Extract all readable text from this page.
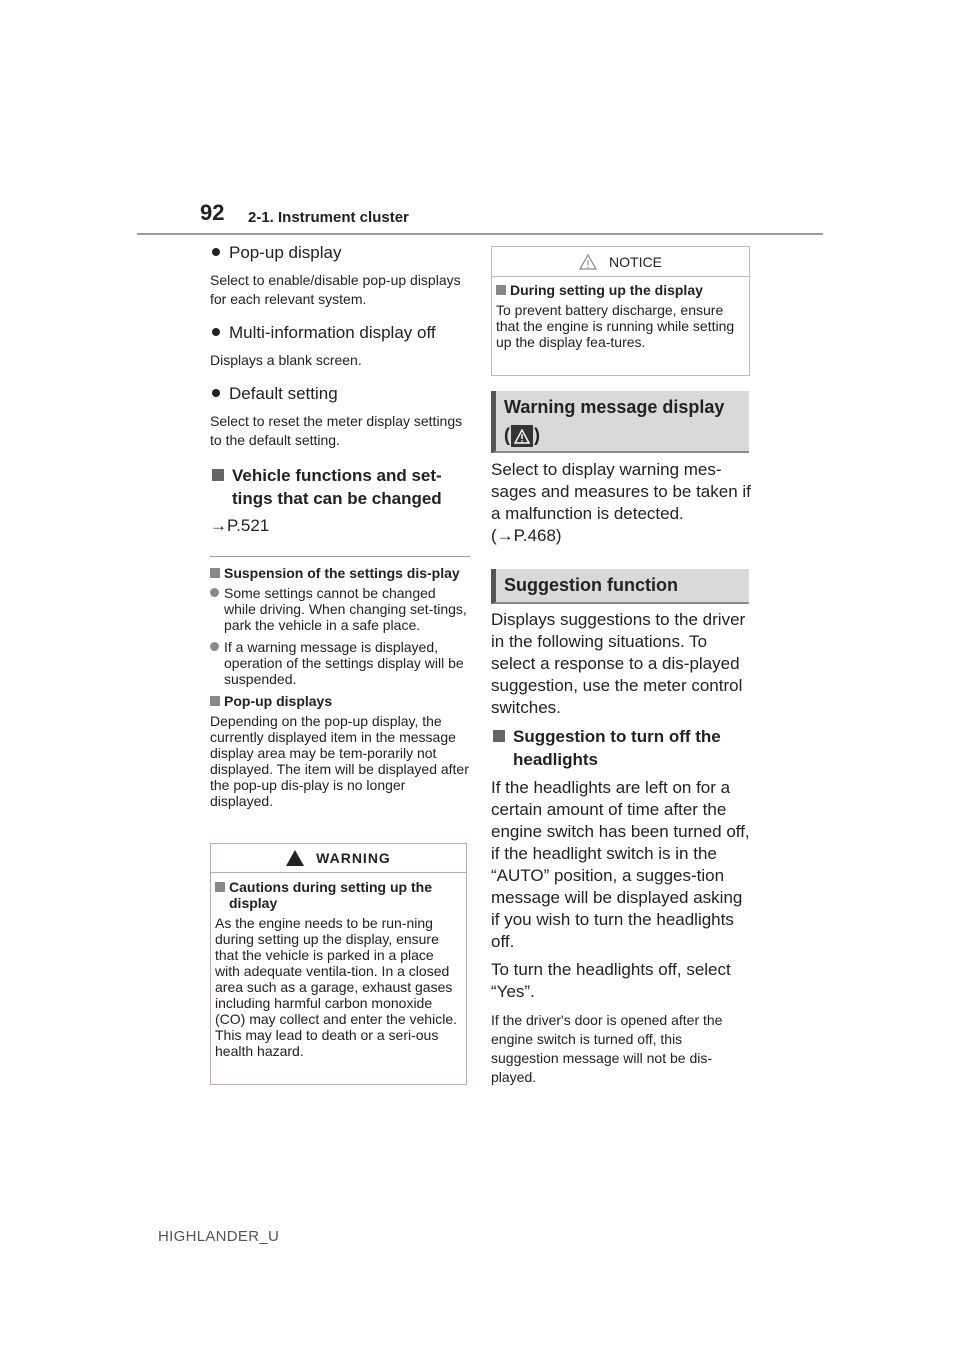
92 2-1. Instrument cluster
Pop-up display

Select to enable/disable pop-up displays for each relevant system.

Multi-information display off

Displays a blank screen.

Default setting

Select to reset the meter display settings to the default setting.

Vehicle functions and set-tings that can be changed

→P.521

Suspension of the settings dis-play
Some settings cannot be changed while driving. When changing set-tings, park the vehicle in a safe place.
If a warning message is displayed, operation of the settings display will be suspended.
Pop-up displays

Depending on the pop-up display, the currently displayed item in the message display area may be tem-porarily not displayed. The item will be displayed after the pop-up dis-play is no longer displayed.

WARNING
Cautions during setting up the display

As the engine needs to be run-ning during setting up the display, ensure that the vehicle is parked in a place with adequate ventila-tion. In a closed area such as a garage, exhaust gases including harmful carbon monoxide (CO) may collect and enter the vehicle. This may lead to death or a seri-ous health hazard.

NOTICE
During setting up the display

To prevent battery discharge, ensure that the engine is running while setting up the display fea-tures.

Warning message display
( )
Select to display warning mes-sages and measures to be taken if a malfunction is detected. (→P.468)
Suggestion function

Displays suggestions to the driver in the following situations. To select a response to a dis-played suggestion, use the meter control switches.

Suggestion to turn off the headlights

If the headlights are left on for a certain amount of time after the engine switch has been turned off, if the headlight switch is in the “AUTO” position, a sugges-tion message will be displayed asking if you wish to turn the headlights off.

To turn the headlights off, select “Yes”.

If the driver's door is opened after the engine switch is turned off, this suggestion message will not be dis-played.

HIGHLANDER_U
